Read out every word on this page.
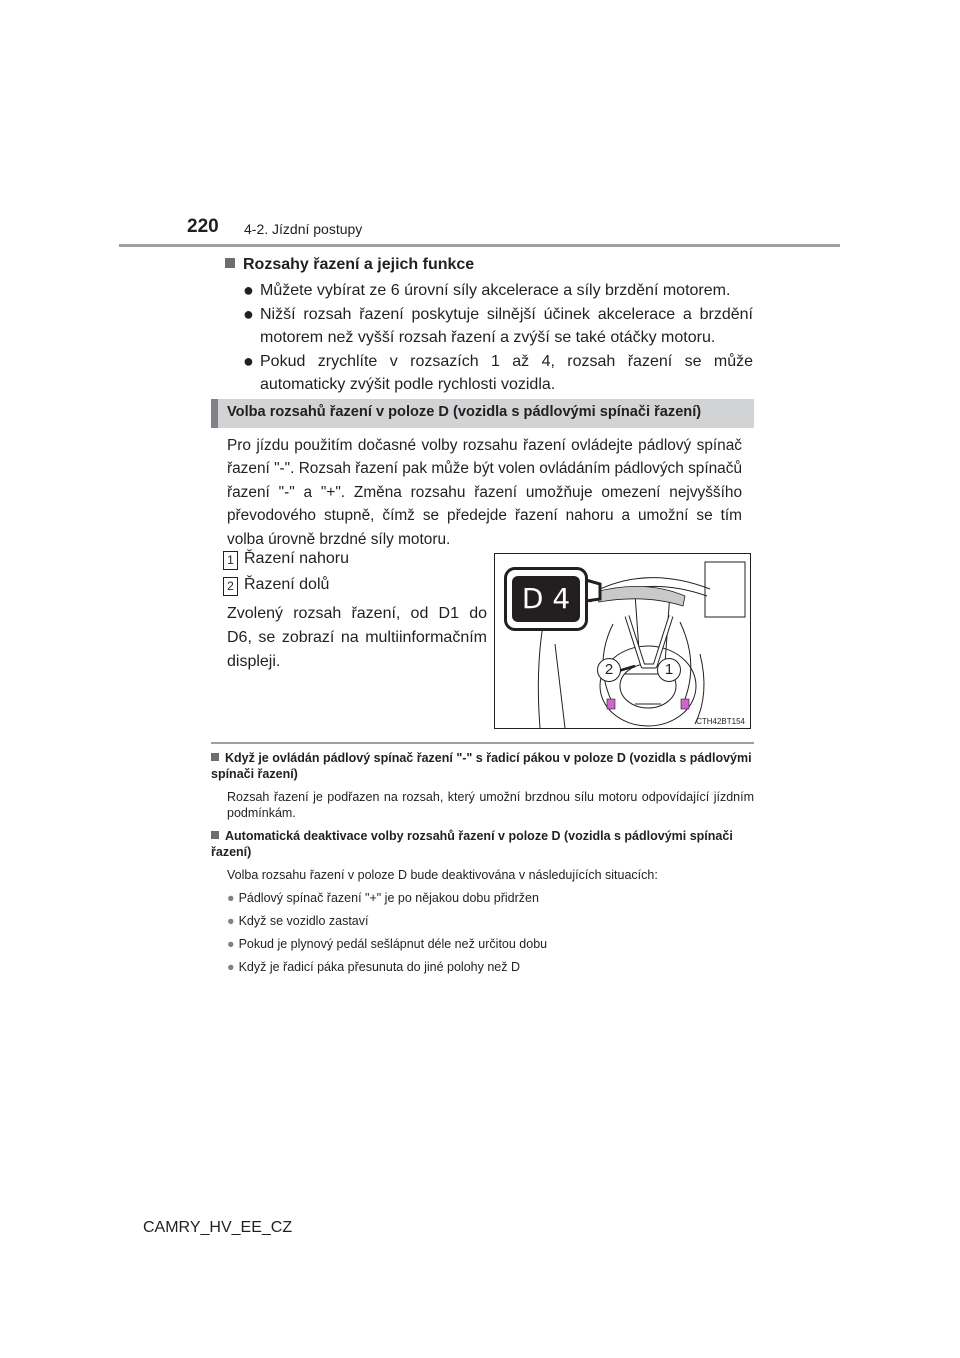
220 4-2. Jízdní postupy
Rozsahy řazení a jejich funkce
● Můžete vybírat ze 6 úrovní síly akcelerace a síly brzdění motorem.
● Nižší rozsah řazení poskytuje silnější účinek akcelerace a brzdění motorem než vyšší rozsah řazení a zvýší se také otáčky motoru.
● Pokud zrychlíte v rozsazích 1 až 4, rozsah řazení se může automaticky zvýšit podle rychlosti vozidla.
Volba rozsahů řazení v poloze D (vozidla s pádlovými spínači řazení)
Pro jízdu použitím dočasné volby rozsahu řazení ovládejte pádlový spínač řazení "-". Rozsah řazení pak může být volen ovládáním pádlových spínačů řazení "-" a "+". Změna rozsahu řazení umožňuje omezení nejvyššího převodového stupně, čímž se předejde řazení nahoru a umožní se tím volba úrovně brzdné síly motoru.
1 Řazení nahoru
2 Řazení dolů
Zvolený rozsah řazení, od D1 do D6, se zobrazí na multiinformačním displeji.
D 4
2	1
CTH42BT154
Když je ovládán pádlový spínač řazení "-" s řadicí pákou v poloze D (vozidla s pádlovými spínači řazení)
Rozsah řazení je podřazen na rozsah, který umožní brzdnou sílu motoru odpovídající jízdním podmínkám.
Automatická deaktivace volby rozsahů řazení v poloze D (vozidla s pádlovými spínači řazení)
Volba rozsahu řazení v poloze D bude deaktivována v následujících situacích:
● Pádlový spínač řazení "+" je po nějakou dobu přidržen
● Když se vozidlo zastaví
● Pokud je plynový pedál sešlápnut déle než určitou dobu
● Když je řadicí páka přesunuta do jiné polohy než D
CAMRY_HV_EE_CZ
